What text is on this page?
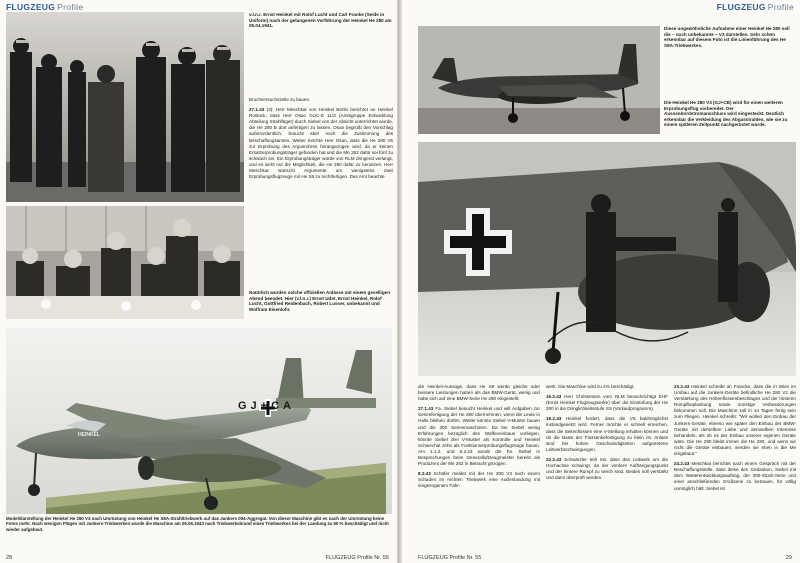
FLUGZEUG Profile
v.l.n.r. Ernst Heinkel mit Rolof Lucht und Carl Franke (Seide in Uniform) nach der gelungenen Vorführung der Heinkel He 280 am 05.04.1941.

Bruchversuchszelle zu bauen.

27.1.43 (3): Herr Meschkat von Heinkel Berlin berichtet an Heinkel Rostock, dass Herr Osan GUC-E 11/3 (Amtsgruppe Entwicklung Abteilung Strahlfüger) durch Siebel von der Absicht unterrichtet wurde, die He 280 B dort anfertigen zu lassen. Osan begrüßt den Vorschlag außerordentlich, braucht aber noch die Zustimmung des Beschaffungsamtes. Weiter möchte Herr Osan, dass die He 280 V5 zur Erprobung des Argusrohres herangezogen wird, da er keinen Ersatzerprobungsträger gefunden hat und die Me 262 dafür sei fünf zu schwach sei. Ein Erprobungsträger würde von RLM dringend verlangt, und es sieht nur die Möglichkeit, die He 280 dafür zu benutzen. Herr Meschkat wünscht Argumente um wenigstens zwei Erprobungsflugzeuge mit He S8 zu rechtfertigen. Das Amt beachte

Natürlich wurden solche offiziellen Anlässe mit einem geselligen Abend beendet. Hier (v.l.n.r.) Ernst Udet, Ernst Heinkel, Rolof Lucht, Gottfried Reidenbach, Robert Lusser, unbekannt und Wolfram Eisenlohr.
GJ+CA
HEINKEL
Modelldarstellung der Heinkel He 280 V3 nach Umrüstung von Heinkel He S8A-Strahltriebwerk auf das Junkers 004-Aggregat. Von dieser Maschine gibt es nach der Umrüstung keine Fotos mehr. Nach wenigen Flügen mit Junkers-Triebwerken wurde die Maschine am 26.06.1943 nach Triebwerksbrand eines Triebwerkes bei der Landung zu 60 % beschädigt und nicht wieder aufgebaut.
28	FLUGZEUG Profile Nr. 55
FLUGZEUG Profile
Diese ungewöhnliche Aufnahme einer Heinkel He 280 soll die – noch unbekannte – V3 darstellen. Sehr schön erkennbar auf diesem Foto ist die Linienführung des He S8A-Triebwerkes.
Die Heinkel He 280 V3 (GJ+CB) wird für einen weiteren Erprobungsflug vorbereitet. Der Aussenbordstromanschluss wird eingesteckt. Deutlich erkennbar die Verkleidung des Abgasstrahles, wie sie zu einem späteren Zeitpunkt nachgerüstet wurde.

die Heinkel-Aussage, dass He S8 werde gleiche oder bessere Leistungen haben als das BMW-Gerät, wenig und habe sich auf eine BMW-Serie He 280 eingestellt.

27.1.43 Fa. Siebel besucht Heinkel und will Aufgaben zur Serienfertigung der He 280 übernehmen, wenn die Leute in Halle bleiben dürfen. Weiter könnte Siebel V-Muster bauen und die 300 Serienmaschinen. Da bei Siebel wenig Erfahrungen bezüglich des Waffeneinbaus vorliegen, könnte Siebel drei V-Muster als Kontrolle und Heinkel Schwechat zehn als Funktionserprobungsflugzeuge bauen. Am 1.1.2. und 5.3.43 wurde die Fa. Siebel in Besprechungen beim Generalluftzeugmeister bereits als Produzent der Me 262 in Betracht gezogen.

8.2.43 Schäfer meldet mit der He 280 V3 nach einem Schaden im rechten Triebwerk eine Außenlandung mit eingezogenem Fahr-

werk. Die Maschine wird zu 4% beschädigt.

16.2.43 Herr Christensen vom RLM benachrichtigt EHF (Ernst Heinkel Flugzeugwerke) über die Einstufung der He 280 in die Dringlichkeitsstufe SS (Vorkaufprogramm).

18.2.43 Heinkel fordert, dass die V5 baldmöglichst instandgesetzt wird. Ferner möchte er schnell erreichen, dass die Seitenflossen eine V-Stellung erhalten können und ob die Basis der Flossenbefestigung zu klein ist. Anlass sind bei hohen Geschwindigkeiten aufgetretene Leitwerksschwingungen.

22.2.43 Schwärzler teilt mit, dass das Leitwerk um die Hochachse schwingt, da der vordere Aufhängungspunkt und der hintere Rumpf zu weich sind. Beides soll verstärkt und dann überprüft werden.

23.2.43 Heinkel schreibt an Francke, dass die in Wien im Umbau auf die Junkers-Geräte befindliche He 280 V2 die Verstärkung des Höhenflossenbeschlages und der hinteren Rumpfbeplankung sowie sonstige Verbesserungen bekommen soll. Die Maschine soll in 14 Tagen fertig sein zum Fliegen. Heinkel schreibt: "Wir wollen den Einbau der Junkers-Geräte, ebenso wie später den Einbau der BMW-Geräte mit derselben Liebe und demselben Interesse behandeln, als ob es der Einbau unserer eigenen Geräte wäre. Die He 280 bleibt immer die He 280, und wenn wir nicht die Geräte einbauen, werden sie eben in die Me eingebaut."

24.2.43 Meschkat berichtet nach einem Gespräch mit der Beschaffungsstelle, dass diese den Gedanken, Siebel mit dem Weiterentwicklungsauftrag, der 300-Stück-Serie und einer anschließenden Großserie zu betrauen, für völlig unmöglich hält. Siebel ist

FLUGZEUG Profile Nr. 55	29
